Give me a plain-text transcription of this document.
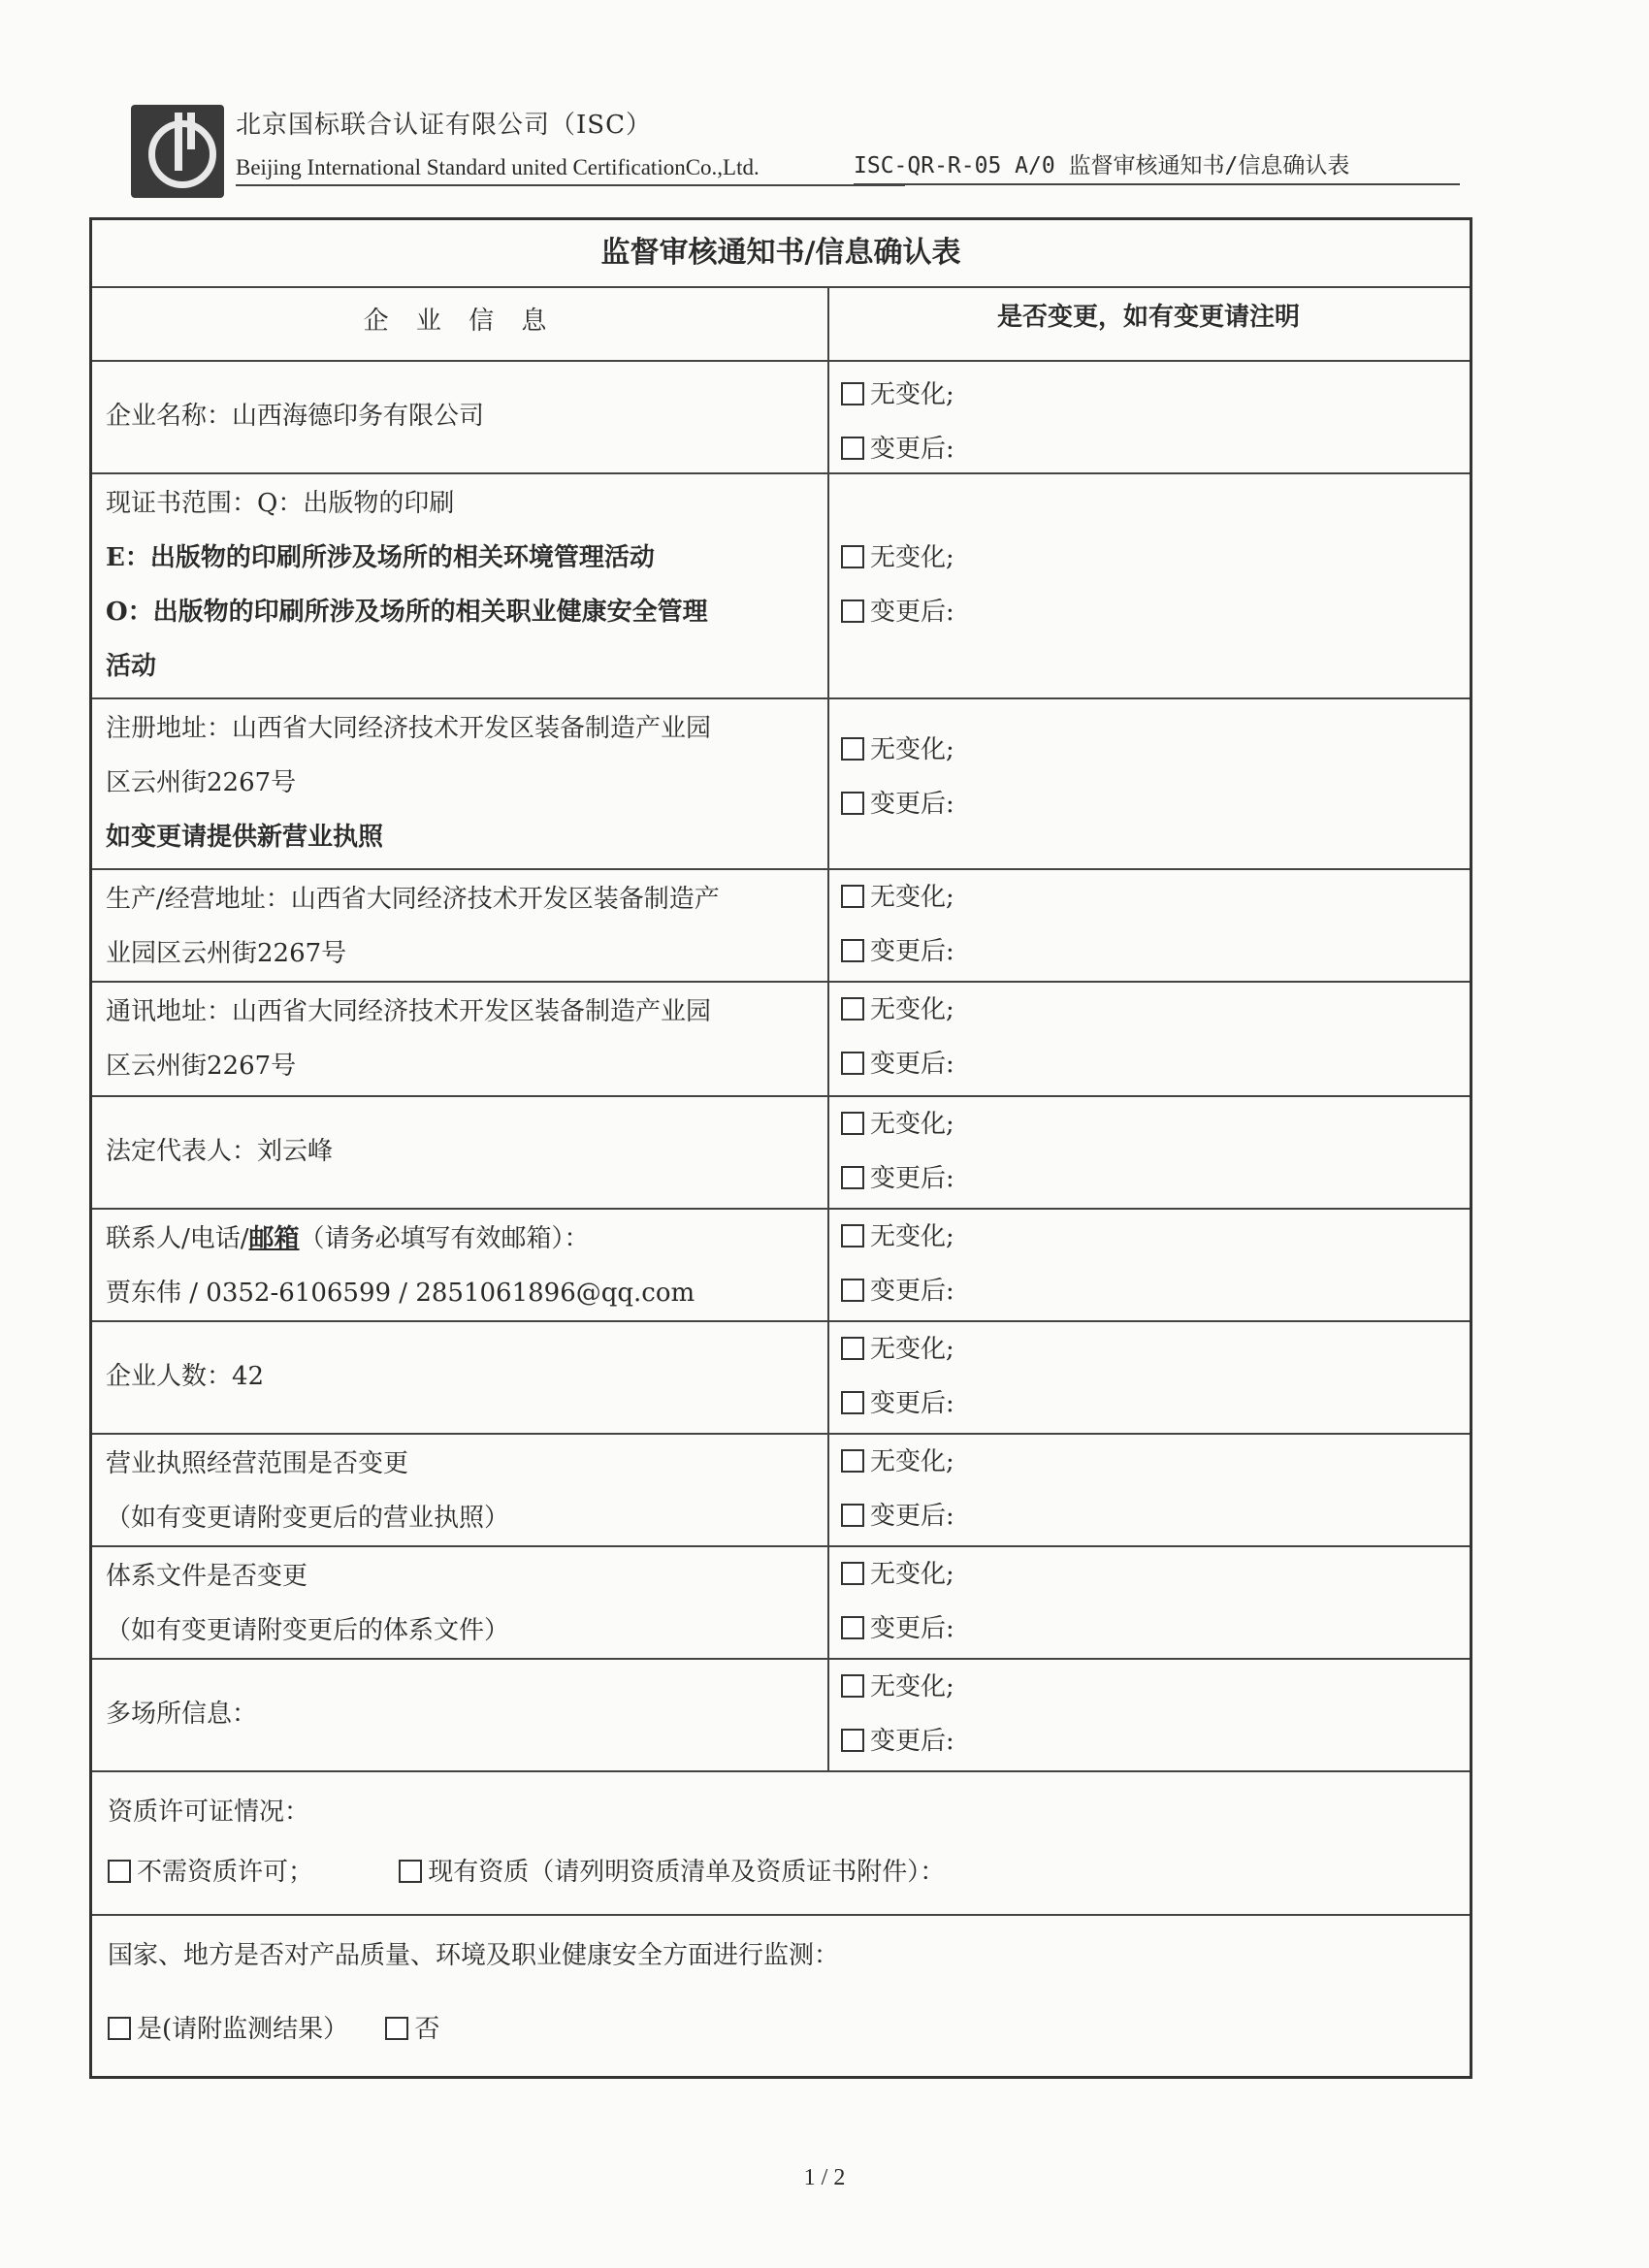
北京国标联合认证有限公司（ISC）
Beijing International Standard united CertificationCo.,Ltd.	ISC-QR-R-05 A/0 监督审核通知书/信息确认表
监督审核通知书/信息确认表
企 业 信 息	是否变更，如有变更请注明
企业名称：山西海德印务有限公司
无变化;
变更后:
现证书范围：Q：出版物的印刷
E：出版物的印刷所涉及场所的相关环境管理活动
O：出版物的印刷所涉及场所的相关职业健康安全管理
活动
无变化;
变更后:
注册地址：山西省大同经济技术开发区装备制造产业园
区云州街2267号
如变更请提供新营业执照
无变化;
变更后:
生产/经营地址：山西省大同经济技术开发区装备制造产
业园区云州街2267号
无变化;
变更后:
通讯地址：山西省大同经济技术开发区装备制造产业园
区云州街2267号
无变化;
变更后:
法定代表人：刘云峰
无变化;
变更后:
联系人/电话/邮箱（请务必填写有效邮箱）：
贾东伟 / 0352-6106599 / 2851061896@qq.com
无变化;
变更后:
企业人数：42
无变化;
变更后:
营业执照经营范围是否变更
（如有变更请附变更后的营业执照）
无变化;
变更后:
体系文件是否变更
（如有变更请附变更后的体系文件）
无变化;
变更后:
多场所信息：
无变化;
变更后:
资质许可证情况：
不需资质许可；	现有资质（请列明资质清单及资质证书附件）：
国家、地方是否对产品质量、环境及职业健康安全方面进行监测：
是(请附监测结果）	否
1 / 2
